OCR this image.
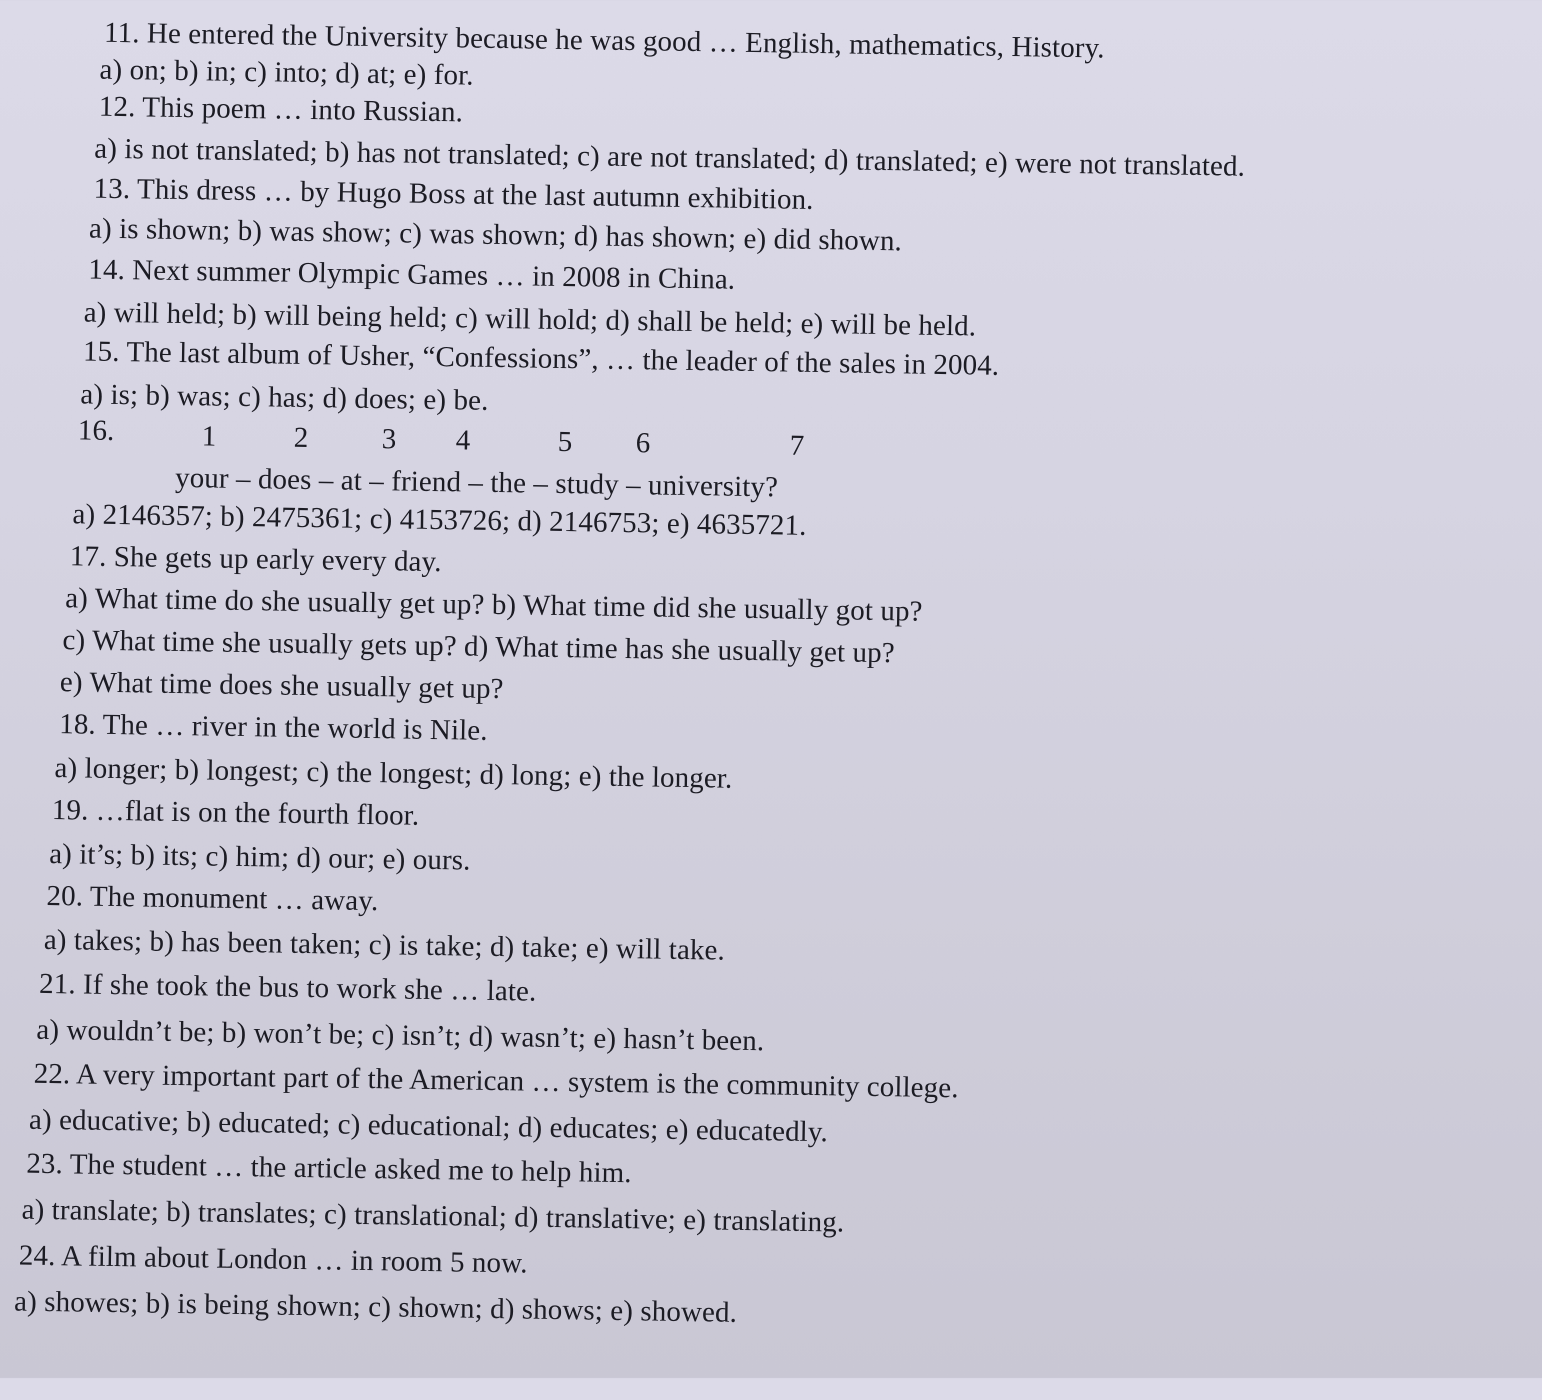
11. He entered the University because he was good … English, mathematics, History.
a) on; b) in; c) into; d) at; e) for.
12. This poem … into Russian.
a) is not translated; b) has not translated; c) are not translated; d) translated; e) were not translated.
13. This dress … by Hugo Boss at the last autumn exhibition.
a) is shown; b) was show; c) was shown; d) has shown; e) did shown.
14. Next summer Olympic Games … in 2008 in China.
a) will held; b) will being held; c) will hold; d) shall be held; e) will be held.
15. The last album of Usher, “Confessions”, … the leader of the sales in 2004.
a) is; b) was; c) has; d) does; e) be.
16.	1	2	3 4	5 6	7
your – does – at – friend – the – study – university?
a) 2146357; b) 2475361; c) 4153726; d) 2146753; e) 4635721.
17. She gets up early every day.
a) What time do she usually get up? b) What time did she usually got up?
c) What time she usually gets up? d) What time has she usually get up?
e) What time does she usually get up?
18. The … river in the world is Nile.
a) longer; b) longest; c) the longest; d) long; e) the longer.
19. …flat is on the fourth floor.
a) it’s; b) its; c) him; d) our; e) ours.
20. The monument … away.
a) takes; b) has been taken; c) is take; d) take; e) will take.
21. If she took the bus to work she … late.
a) wouldn’t be; b) won’t be; c) isn’t; d) wasn’t; e) hasn’t been.
22. A very important part of the American … system is the community college.
a) educative; b) educated; c) educational; d) educates; e) educatedly.
23. The student … the article asked me to help him.
a) translate; b) translates; c) translational; d) translative; e) translating.
24. A film about London … in room 5 now.
a) showes; b) is being shown; c) shown; d) shows; e) showed.
